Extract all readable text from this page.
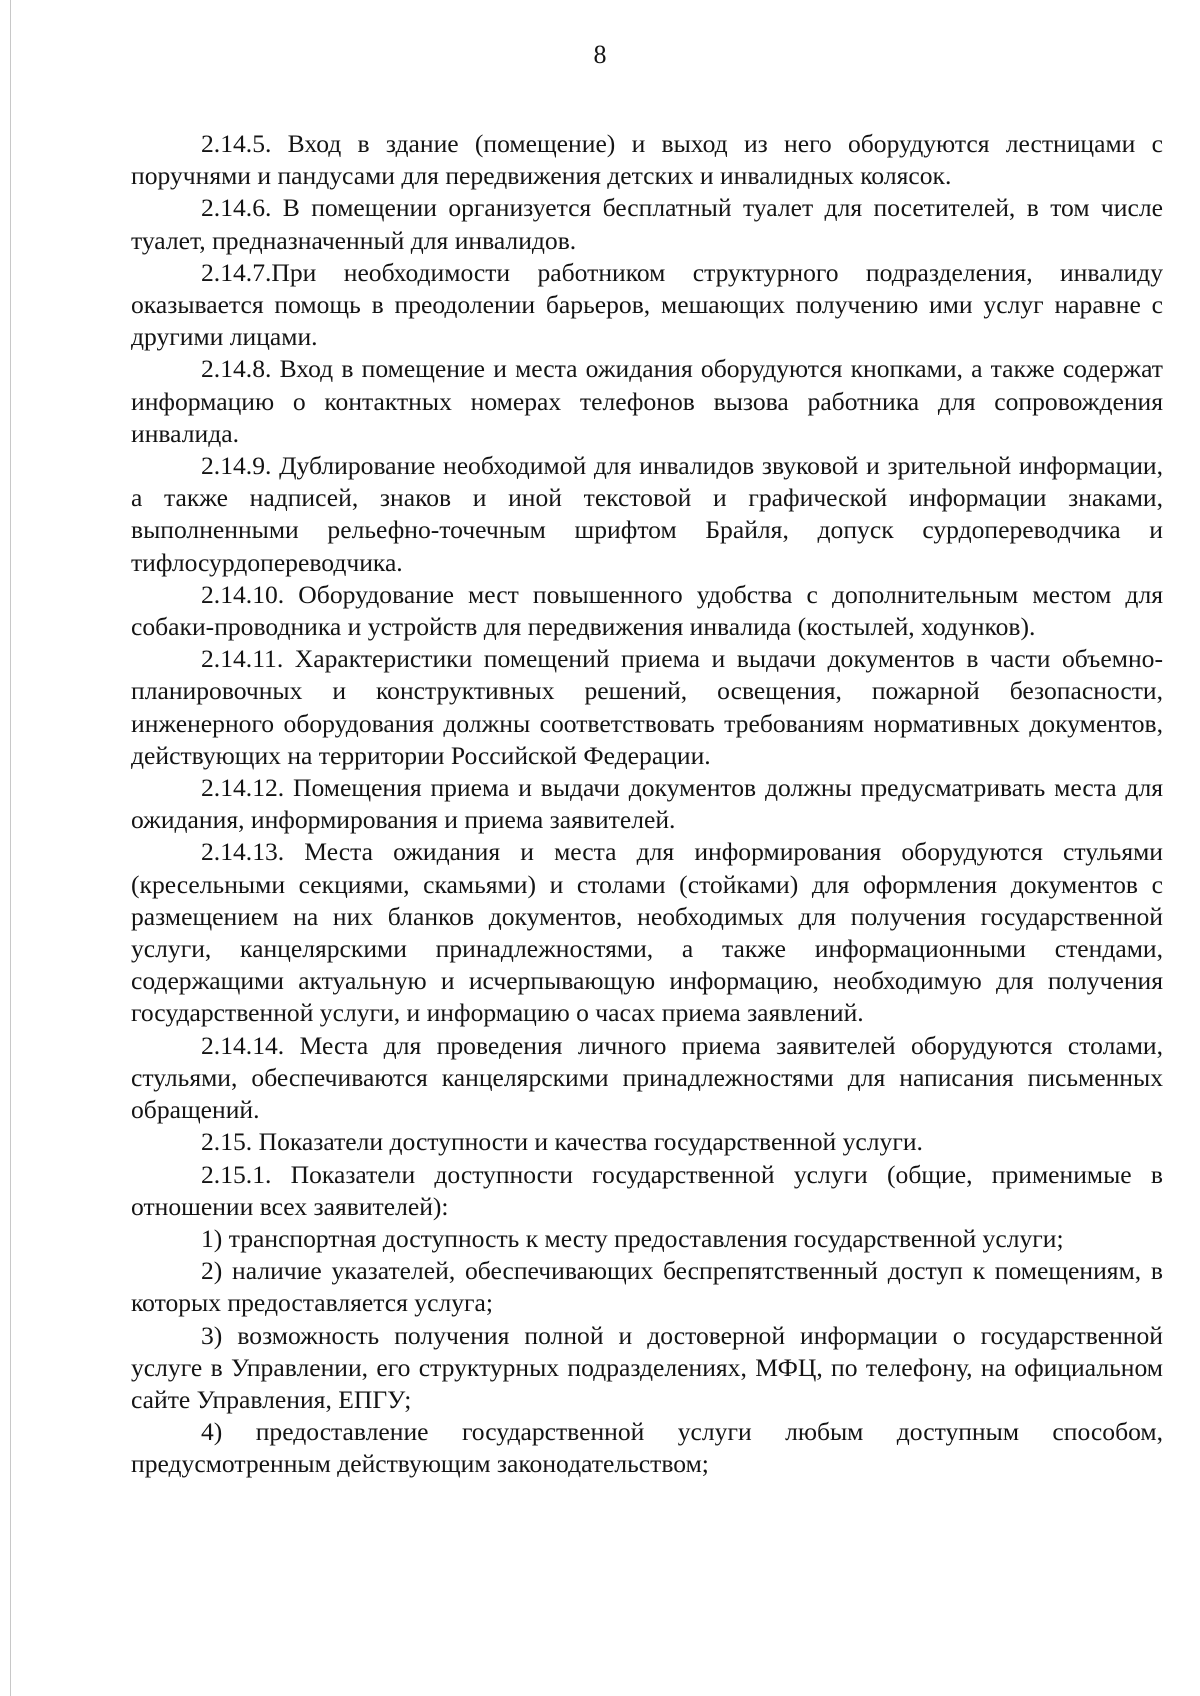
8

2.14.5. Вход в здание (помещение) и выход из него оборудуются лестницами с поручнями и пандусами для передвижения детских и инвалидных колясок.

2.14.6. В помещении организуется бесплатный туалет для посетителей, в том числе туалет, предназначенный для инвалидов.

2.14.7.При необходимости работником структурного подразделения, инвалиду оказывается помощь в преодолении барьеров, мешающих получению ими услуг наравне с другими лицами.

2.14.8. Вход в помещение и места ожидания оборудуются кнопками, а также содержат информацию о контактных номерах телефонов вызова работника для сопровождения инвалида.

2.14.9. Дублирование необходимой для инвалидов звуковой и зрительной информации, а также надписей, знаков и иной текстовой и графической информации знаками, выполненными рельефно-точечным шрифтом Брайля, допуск сурдопереводчика и тифлосурдопереводчика.

2.14.10. Оборудование мест повышенного удобства с дополнительным местом для собаки-проводника и устройств для передвижения инвалида (костылей, ходунков).

2.14.11. Характеристики помещений приема и выдачи документов в части объемно-планировочных и конструктивных решений, освещения, пожарной безопасности, инженерного оборудования должны соответствовать требованиям нормативных документов, действующих на территории Российской Федерации.

2.14.12. Помещения приема и выдачи документов должны предусматривать места для ожидания, информирования и приема заявителей.

2.14.13. Места ожидания и места для информирования оборудуются стульями (кресельными секциями, скамьями) и столами (стойками) для оформления документов с размещением на них бланков документов, необходимых для получения государственной услуги, канцелярскими принадлежностями, а также информационными стендами, содержащими актуальную и исчерпывающую информацию, необходимую для получения государственной услуги, и информацию о часах приема заявлений.

2.14.14. Места для проведения личного приема заявителей оборудуются столами, стульями, обеспечиваются канцелярскими принадлежностями для написания письменных обращений.

2.15. Показатели доступности и качества государственной услуги.

2.15.1. Показатели доступности государственной услуги (общие, применимые в отношении всех заявителей):

1) транспортная доступность к месту предоставления государственной услуги;

2) наличие указателей, обеспечивающих беспрепятственный доступ к помещениям, в которых предоставляется услуга;

3) возможность получения полной и достоверной информации о государственной услуге в Управлении, его структурных подразделениях, МФЦ, по телефону, на официальном сайте Управления, ЕПГУ;

4) предоставление государственной услуги любым доступным способом, предусмотренным действующим законодательством;
